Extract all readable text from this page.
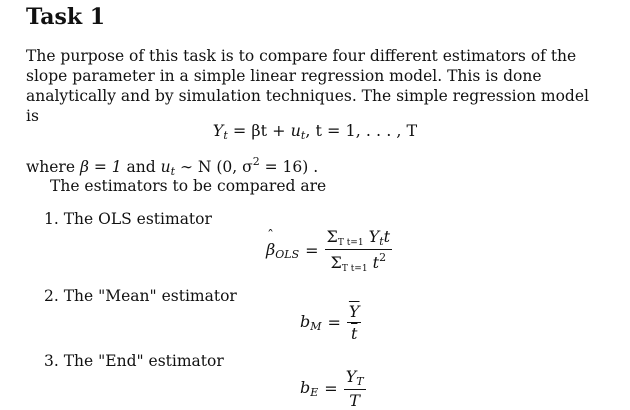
Task 1
The purpose of this task is to compare four different estimators of the slope parameter in a simple linear regression model. This is done analytically and by simulation techniques. The simple regression model is
$Y_t = \beta t + u_t$, t = 1, . . . , T
where β = 1 and $u_t$ ∼ N (0, $\sigma^2 = 16$) .
The estimators to be compared are
1. The OLS estimator
ˆ $\beta_{OLS} = \frac{\Sigma_{T t=1} Y_tt}{\Sigma_{T t=1} t^2}$
2. The "Mean" estimator
$b_M = \frac{\overline{Y}}{t}$
3. The "End" estimator
$b_E = \frac{Y_T}{T}$
